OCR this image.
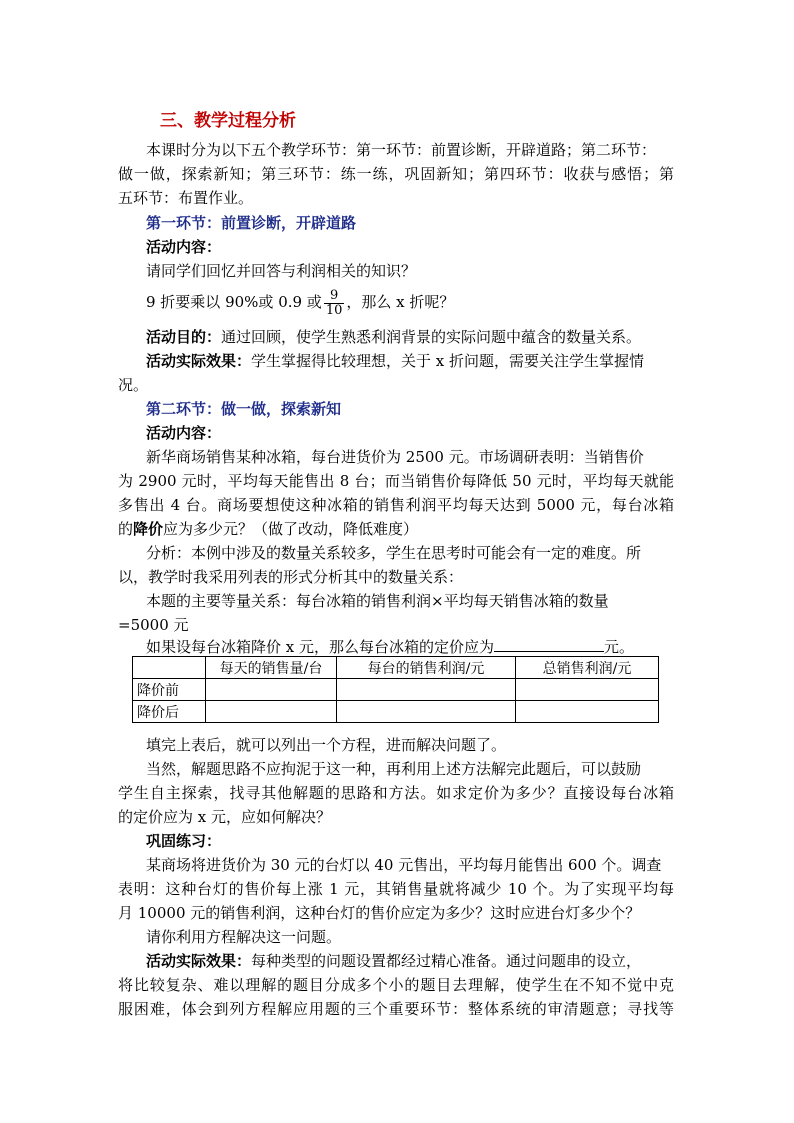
三、教学过程分析
本课时分为以下五个教学环节：第一环节：前置诊断，开辟道路；第二环节：
做一做，探索新知；第三环节：练一练，巩固新知；第四环节：收获与感悟；第
五环节：布置作业。
第一环节：前置诊断，开辟道路
活动内容：
请同学们回忆并回答与利润相关的知识？
9 折要乘以 90%或 0.9 或 $\frac{9}{10}$ ，那么 x 折呢？
活动目的：通过回顾，使学生熟悉利润背景的实际问题中蕴含的数量关系。
活动实际效果：学生掌握得比较理想，关于 x 折问题，需要关注学生掌握情
况。
第二环节：做一做，探索新知
活动内容：
新华商场销售某种冰箱，每台进货价为 2500 元。市场调研表明：当销售价
为 2900 元时，平均每天能售出 8 台；而当销售价每降低 50 元时，平均每天就能
多售出 4 台。商场要想使这种冰箱的销售利润平均每天达到 5000 元，每台冰箱
的降价应为多少元？（做了改动，降低难度）
分析：本例中涉及的数量关系较多，学生在思考时可能会有一定的难度。所
以，教学时我采用列表的形式分析其中的数量关系：
本题的主要等量关系：每台冰箱的销售利润×平均每天销售冰箱的数量
=5000 元
如果设每台冰箱降价 x 元，那么每台冰箱的定价应为	元。
	每天的销售量/台	每台的销售利润/元	总销售利润/元
降价前			
降价后			
填完上表后，就可以列出一个方程，进而解决问题了。
当然，解题思路不应拘泥于这一种，再利用上述方法解完此题后，可以鼓励
学生自主探索，找寻其他解题的思路和方法。如求定价为多少？直接设每台冰箱
的定价应为 x 元，应如何解决？
巩固练习：
某商场将进货价为 30 元的台灯以 40 元售出，平均每月能售出 600 个。调查
表明：这种台灯的售价每上涨 1 元，其销售量就将减少 10 个。为了实现平均每
月 10000 元的销售利润，这种台灯的售价应定为多少？这时应进台灯多少个？
请你利用方程解决这一问题。
活动实际效果：每种类型的问题设置都经过精心准备。通过问题串的设立，
将比较复杂、难以理解的题目分成多个小的题目去理解，使学生在不知不觉中克
服困难，体会到列方程解应用题的三个重要环节：整体系统的审清题意；寻找等
